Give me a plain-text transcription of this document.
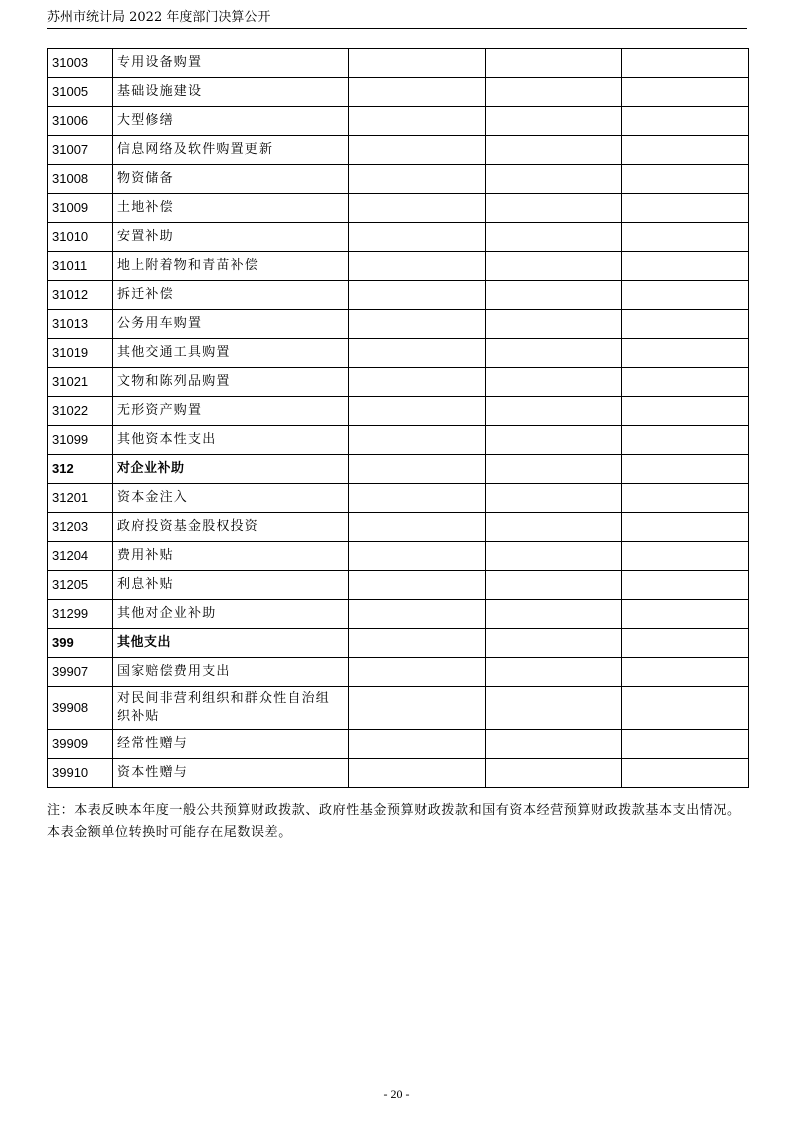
苏州市统计局 2022 年度部门决算公开
31003	专用设备购置			
31005	基础设施建设			
31006	大型修缮			
31007	信息网络及软件购置更新			
31008	物资储备			
31009	土地补偿			
31010	安置补助			
31011	地上附着物和青苗补偿			
31012	拆迁补偿			
31013	公务用车购置			
31019	其他交通工具购置			
31021	文物和陈列品购置			
31022	无形资产购置			
31099	其他资本性支出			
312	对企业补助			
31201	资本金注入			
31203	政府投资基金股权投资			
31204	费用补贴			
31205	利息补贴			
31299	其他对企业补助			
399	其他支出			
39907	国家赔偿费用支出			
39908	对民间非营利组织和群众性自治组织补贴			
39909	经常性赠与			
39910	资本性赠与			
注：本表反映本年度一般公共预算财政拨款、政府性基金预算财政拨款和国有资本经营预算财政拨款基本支出情况。本表金额单位转换时可能存在尾数误差。
- 20 -
